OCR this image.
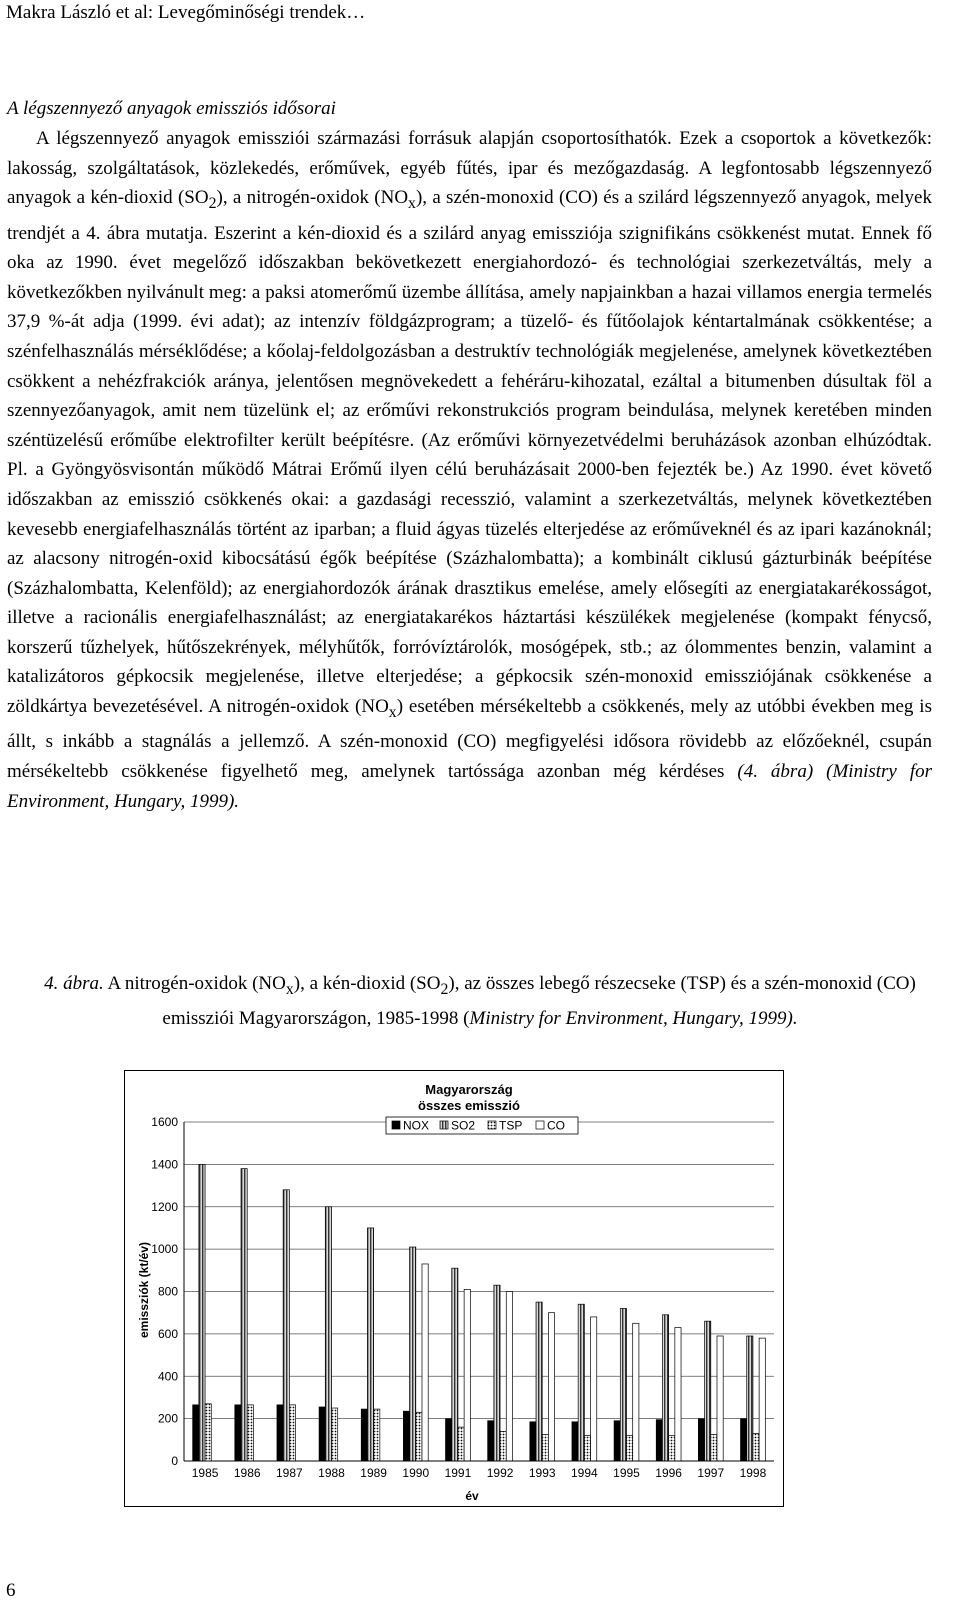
Makra László et al: Levegőminőségi trendek…
A légszennyező anyagok emissziós idősorai

A légszennyező anyagok emissziói származási forrásuk alapján csoportosíthatók. Ezek a csoportok a következők: lakosság, szolgáltatások, közlekedés, erőművek, egyéb fűtés, ipar és mezőgazdaság. A legfontosabb légszennyező anyagok a kén-dioxid $(SO_2)$, a nitrogén-oxidok $(NO_x)$, a szén-monoxid (CO) és a szilárd légszennyező anyagok, melyek trendjét a 4. ábra mutatja. Eszerint a kén-dioxid és a szilárd anyag emissziója szignifikáns csökkenést mutat. Ennek fő oka az 1990. évet megelőző időszakban bekövetkezett energiahordozó- és technológiai szerkezetváltás, mely a következőkben nyilvánult meg: a paksi atomerőmű üzembe állítása, amely napjainkban a hazai villamos energia termelés 37,9 %-át adja (1999. évi adat); az intenzív földgázprogram; a tüzelő- és fűtőolajok kéntartalmának csökkentése; a szénfelhasználás mérséklődése; a kőolaj-feldolgozásban a destruktív technológiák megjelenése, amelynek következtében csökkent a nehézfrakciók aránya, jelentősen megnövekedett a fehéráru-kihozatal, ezáltal a bitumenben dúsultak föl a szennyezőanyagok, amit nem tüzelünk el; az erőművi rekonstrukciós program beindulása, melynek keretében minden széntüzelésű erőműbe elektrofilter került beépítésre. (Az erőművi környezetvédelmi beruházások azonban elhúzódtak. Pl. a Gyöngyösvisontán működő Mátrai Erőmű ilyen célú beruházásait 2000-ben fejezték be.) Az 1990. évet követő időszakban az emisszió csökkenés okai: a gazdasági recesszió, valamint a szerkezetváltás, melynek következtében kevesebb energiafelhasználás történt az iparban; a fluid ágyas tüzelés elterjedése az erőműveknél és az ipari kazánoknál; az alacsony nitrogén-oxid kibocsátású égők beépítése (Százhalombatta); a kombinált ciklusú gázturbinák beépítése (Százhalombatta, Kelenföld); az energiahordozók árának drasztikus emelése, amely elősegíti az energiatakarékosságot, illetve a racionális energiafelhasználást; az energiatakarékos háztartási készülékek megjelenése (kompakt fénycső, korszerű tűzhelyek, hűtőszekrények, mélyhűtők, forróvíztárolók, mosógépek, stb.; az ólommentes benzin, valamint a katalizátoros gépkocsik megjelenése, illetve elterjedése; a gépkocsik szén-monoxid emissziójának csökkenése a zöldkártya bevezetésével. A nitrogén-oxidok $(NO_x)$ esetében mérsékeltebb a csökkenés, mely az utóbbi években meg is állt, s inkább a stagnálás a jellemző. A szén-monoxid (CO) megfigyelési idősora rövidebb az előzőeknél, csupán mérsékeltebb csökkenése figyelhető meg, amelynek tartóssága azonban még kérdéses (4. ábra) (Ministry for Environment, Hungary, 1999).

4. ábra. A nitrogén-oxidok $(NO_x)$, a kén-dioxid $(SO_2)$, az összes lebegő részecseke (TSP) és a szén-monoxid (CO) emissziói Magyarországon, 1985-1998 (Ministry for Environment, Hungary, 1999).
Magyarország
összes emisszió
emissziók (kt/év)
év
0
200
400
600
800
1000
1200
1400
1600
1985 1986 1987 1988 1989 1990 1991 1992 1993 1994 1995 1996 1997 1998
NOX SO2 TSP CO
6
